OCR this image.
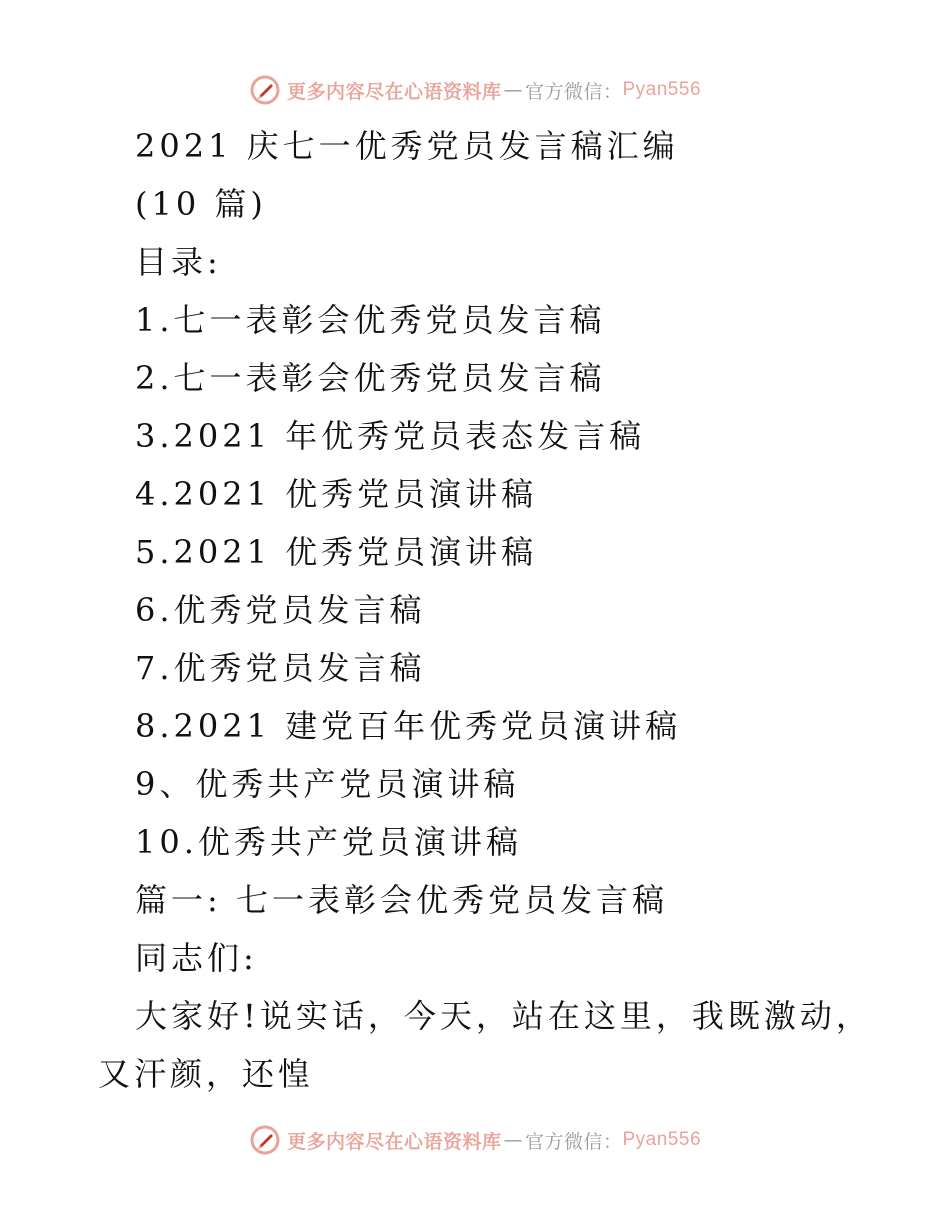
更多内容尽在心语资料库 — 官方微信： Pyan556
2021 庆七一优秀党员发言稿汇编
(10 篇)
目录:
1.七一表彰会优秀党员发言稿
2.七一表彰会优秀党员发言稿
3.2021 年优秀党员表态发言稿
4.2021 优秀党员演讲稿
5.2021 优秀党员演讲稿
6.优秀党员发言稿
7.优秀党员发言稿
8.2021 建党百年优秀党员演讲稿
9、优秀共产党员演讲稿
10.优秀共产党员演讲稿
篇一: 七一表彰会优秀党员发言稿
同志们:
大家好!说实话，今天，站在这里，我既激动，
又汗颜，还惶
更多内容尽在心语资料库 — 官方微信： Pyan556
